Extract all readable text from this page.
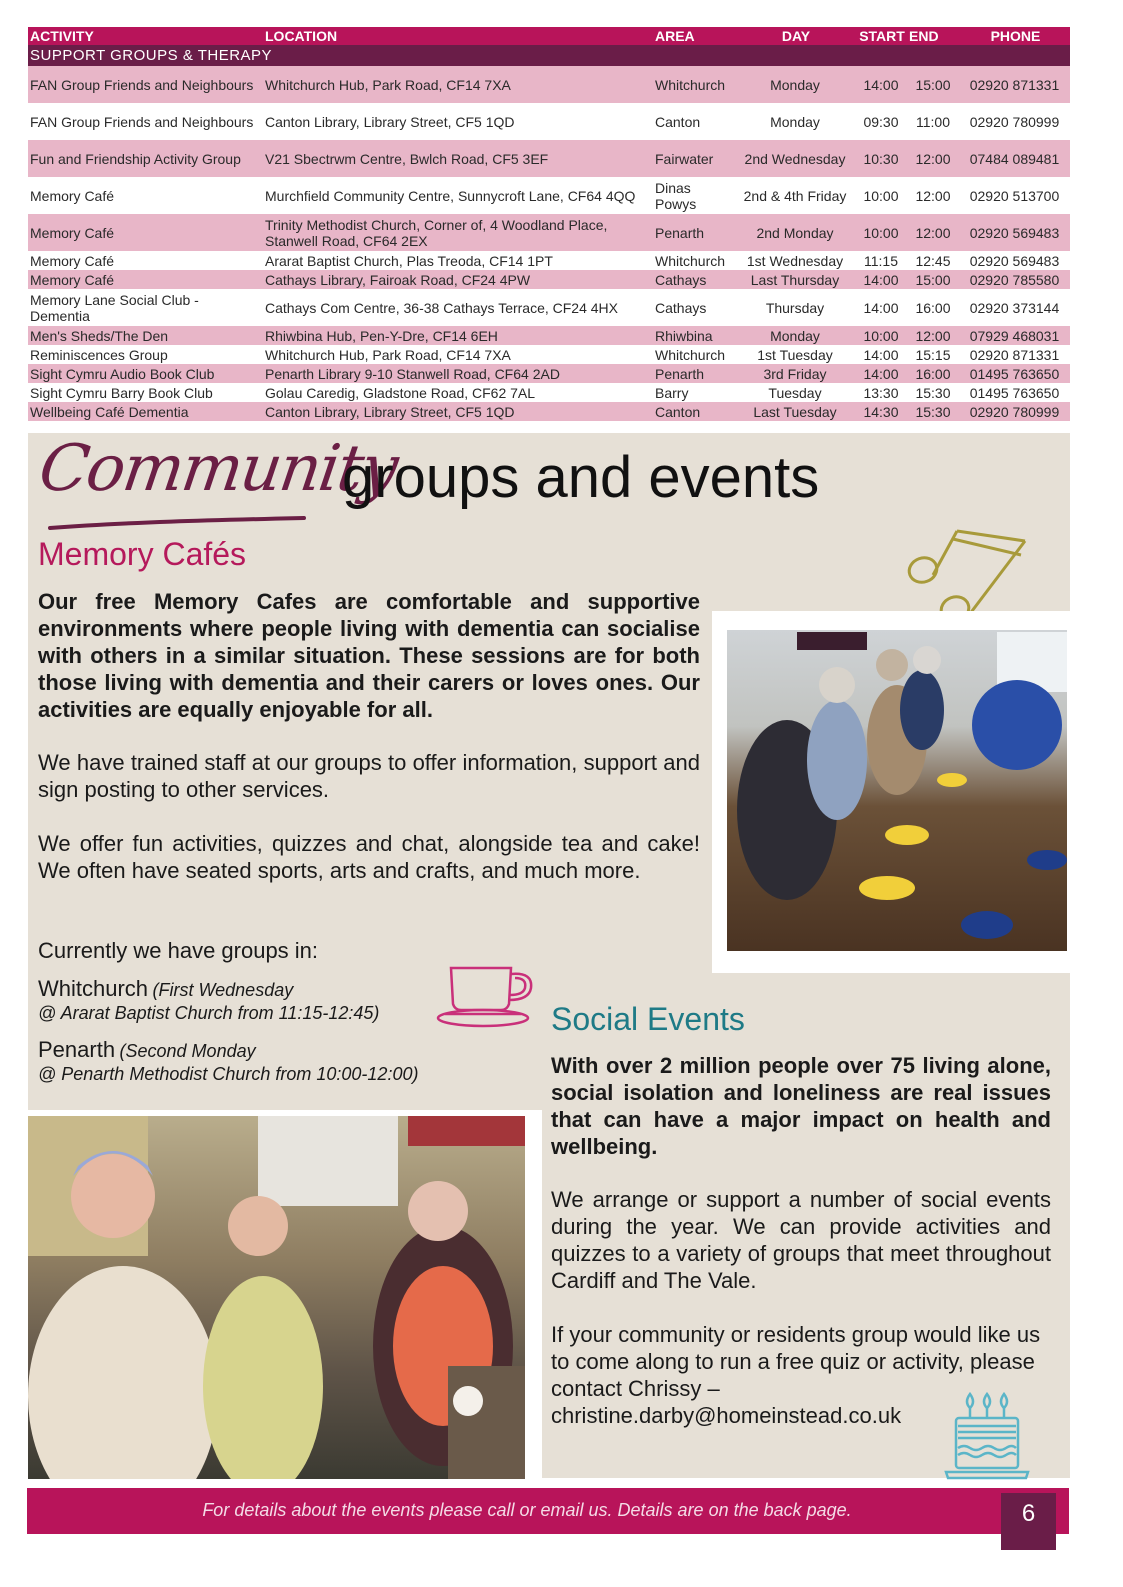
ACTIVITY	LOCATION	AREA	DAY	START	END	PHONE
SUPPORT GROUPS & THERAPY						
FAN Group Friends and Neighbours	Whitchurch Hub, Park Road, CF14 7XA	Whitchurch	Monday	14:00	15:00	02920 871331
FAN Group Friends and Neighbours	Canton Library, Library Street, CF5 1QD	Canton	Monday	09:30	11:00	02920 780999
Fun and Friendship Activity Group	V21 Sbectrwm Centre, Bwlch Road, CF5 3EF	Fairwater	2nd Wednesday	10:30	12:00	07484 089481
Memory Café	Murchfield Community Centre, Sunnycroft Lane, CF64 4QQ	Dinas Powys	2nd & 4th Friday	10:00	12:00	02920 513700
Memory Café	Trinity Methodist Church, Corner of, 4 Woodland Place, Stanwell Road, CF64 2EX	Penarth	2nd Monday	10:00	12:00	02920 569483
Memory Café	Ararat Baptist Church, Plas Treoda, CF14 1PT	Whitchurch	1st Wednesday	11:15	12:45	02920 569483
Memory Café	Cathays Library, Fairoak Road, CF24 4PW	Cathays	Last Thursday	14:00	15:00	02920 785580
Memory Lane Social Club - Dementia	Cathays Com Centre, 36-38 Cathays Terrace, CF24 4HX	Cathays	Thursday	14:00	16:00	02920 373144
Men's Sheds/The Den	Rhiwbina Hub, Pen-Y-Dre, CF14 6EH	Rhiwbina	Monday	10:00	12:00	07929 468031
Reminiscences Group	Whitchurch Hub, Park Road, CF14 7XA	Whitchurch	1st Tuesday	14:00	15:15	02920 871331
Sight Cymru Audio Book Club	Penarth Library 9-10 Stanwell Road, CF64 2AD	Penarth	3rd Friday	14:00	16:00	01495 763650
Sight Cymru Barry Book Club	Golau Caredig, Gladstone Road, CF62 7AL	Barry	Tuesday	13:30	15:30	01495 763650
Wellbeing Café Dementia	Canton Library, Library Street, CF5 1QD	Canton	Last Tuesday	14:30	15:30	02920 780999
Community
groups and events
Memory Cafés
Our free Memory Cafes are comfortable and supportive environments where people living with dementia can socialise with others in a similar situation. These sessions are for both those living with dementia and their carers or loves ones. Our activities are equally enjoyable for all.
We have trained staff at our groups to offer information, support and sign posting to other services.
We offer fun activities, quizzes and chat, alongside tea and cake! We often have seated sports, arts and crafts, and much more.
Currently we have groups in:
Whitchurch (First Wednesday
@ Ararat Baptist Church from 11:15-12:45)
Penarth (Second Monday
@ Penarth Methodist Church from 10:00-12:00)
Social Events
With over 2 million people over 75 living alone, social isolation and loneliness are real issues that can have a major impact on health and wellbeing.
We arrange or support a number of social events during the year. We can provide activities and quizzes to a variety of groups that meet throughout Cardiff and The Vale.
If your community or residents group would like us to come along to run a free quiz or activity, please contact Chrissy –
christine.darby@homeinstead.co.uk
For details about the events please call or email us. Details are on the back page.	6
